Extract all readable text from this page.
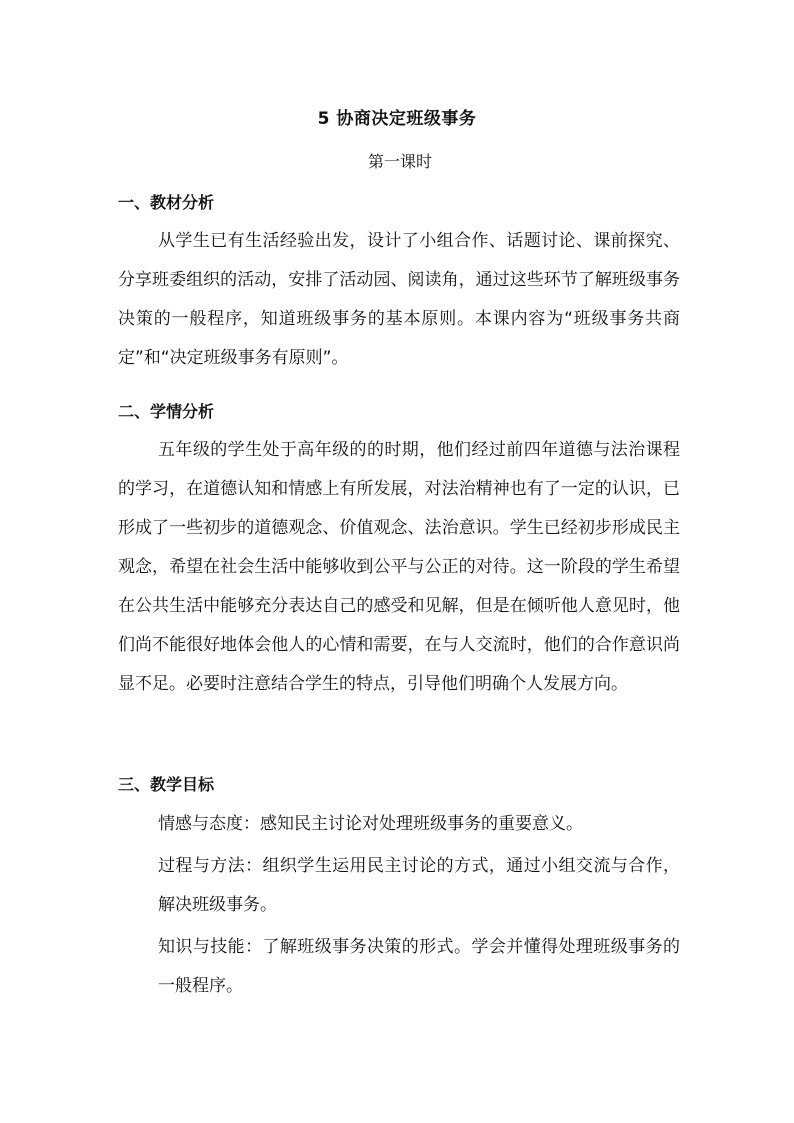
5 协商决定班级事务
第一课时
一、教材分析

从学生已有生活经验出发，设计了小组合作、话题讨论、课前探究、分享班委组织的活动，安排了活动园、阅读角，通过这些环节了解班级事务决策的一般程序，知道班级事务的基本原则。本课内容为“班级事务共商定”和“决定班级事务有原则”。

二、学情分析

五年级的学生处于高年级的的时期，他们经过前四年道德与法治课程的学习，在道德认知和情感上有所发展，对法治精神也有了一定的认识，已形成了一些初步的道德观念、价值观念、法治意识。学生已经初步形成民主观念，希望在社会生活中能够收到公平与公正的对待。这一阶段的学生希望在公共生活中能够充分表达自己的感受和见解，但是在倾听他人意见时，他们尚不能很好地体会他人的心情和需要，在与人交流时，他们的合作意识尚显不足。必要时注意结合学生的特点，引导他们明确个人发展方向。

三、教学目标

情感与态度：感知民主讨论对处理班级事务的重要意义。

过程与方法：组织学生运用民主讨论的方式，通过小组交流与合作，解决班级事务。

知识与技能：了解班级事务决策的形式。学会并懂得处理班级事务的一般程序。
